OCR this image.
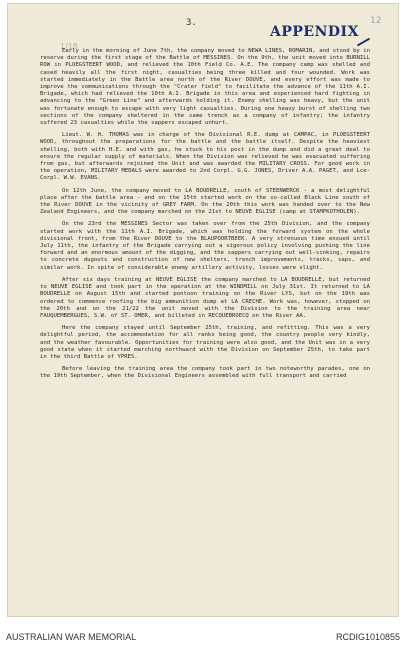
3.
APPENDIX
12
1/18

Early in the morning of June 7th, the company moved to NEWA LINES, ROMARIN, and stood by in reserve during the first stage of the Battle of MESSINES. On the 9th, the unit moved into BURNILL ROW in PLOEGSTEERT WOOD, and relieved the 10th Field Co. A.E. The company camp was shelled and cased heavily all the first night, casualties being three killed and four wounded. Work was started immediately in the Battle area north of the River DOUVE, and every effort was made to improve the communications through the "Crater field" to facilitate the advance of the 11th A.I. Brigade, which had relieved the 10th A.I. Brigade in this area and experienced hard fighting in advancing to the "Green Line" and afterwards holding it. Enemy shelling was heavy, but the unit was fortunate enough to escape with very light casualties. During one heavy burst of shelling two sections of the company sheltered in the same trench as a company of infantry; the infantry suffered 23 casualties while the sappers escaped unhurt.

Lieut. W. H. THOMAS was in charge of the Divisional R.E. dump at CAMPAC, in PLOEGSTEERT WOOD, throughout the preparations for the battle and the battle itself. Despite the heaviest shelling, both with H.E. and with gas, he stuck to his post in the dump and did a great deal to ensure the regular supply of materials. When the Division was relieved he was evacuated suffering from gas, but afterwards rejoined the Unit and was awarded the MILITARY CROSS. For good work in the operation, MILITARY MEDALS were awarded to 2nd Corpl. G.G. JONES, Driver A.A. PAGET, and Lce-Corpl. W.W. EVANS.

On 12th June, the company moved to LA BOUDRELLE, south of STEENWERCK - a most delightful place after the battle area - and on the 15th started work on the so-called Black Line south of the River DOUVE in the vicinity of GREY FARM. On the 20th this work was handed over to the New Zealand Engineers, and the company marched on the 21st to NEUVE EGLISE (camp at STAMPKOTHOLEN).

On the 23rd the MESSINES Sector was taken over from the 25th Division, and the company started work with the 11th A.I. Brigade, which was holding the forward system on the whole divisional front, from the River DOUVE to the BLAUPOORTBEEK. A very strenuous time ensued until July 11th, the infantry of the Brigade carrying out a vigorous policy involving pushing the line forward and an enormous amount of the digging, and the sappers carrying out well-sinking, repairs to concrete dugouts and construction of new shelters, trench improvements, tracks, saps, and similar work. In spite of considerable enemy artillery activity, losses were slight.

After six days training at NEUVE EGLISE the company marched to LA BOUDRELLE, but returned to NEUVE EGLISE and took part in the operation at the WINDMILL on July 31st. It returned to LA BOUDRELLE on August 15th and started pontoon training on the River LYS, but on the 19th was ordered to commence roofing the big ammunition dump at LA CRECHE. Work was, however, stopped on the 20th and on the 21/22 the unit moved with the Division to the training area near FAUQUEMBERGUES, S.W. of ST. OMER, and billeted in RECQUEBROECQ on the River AA.

Here the company stayed until September 25th, training, and refitting. This was a very delightful period, the accommodation for all ranks being good, the country people very kindly, and the weather favourable. Opportunities for training were also good, and the Unit was in a very good state when it started marching northward with the Division on September 25th, to take part in the third Battle of YPRES.

Before leaving the training area the company took part in two noteworthy parades, one on the 19th September, when the Divisional Engineers assembled with full transport and carried

AUSTRALIAN WAR MEMORIAL	RCDIG1010855
